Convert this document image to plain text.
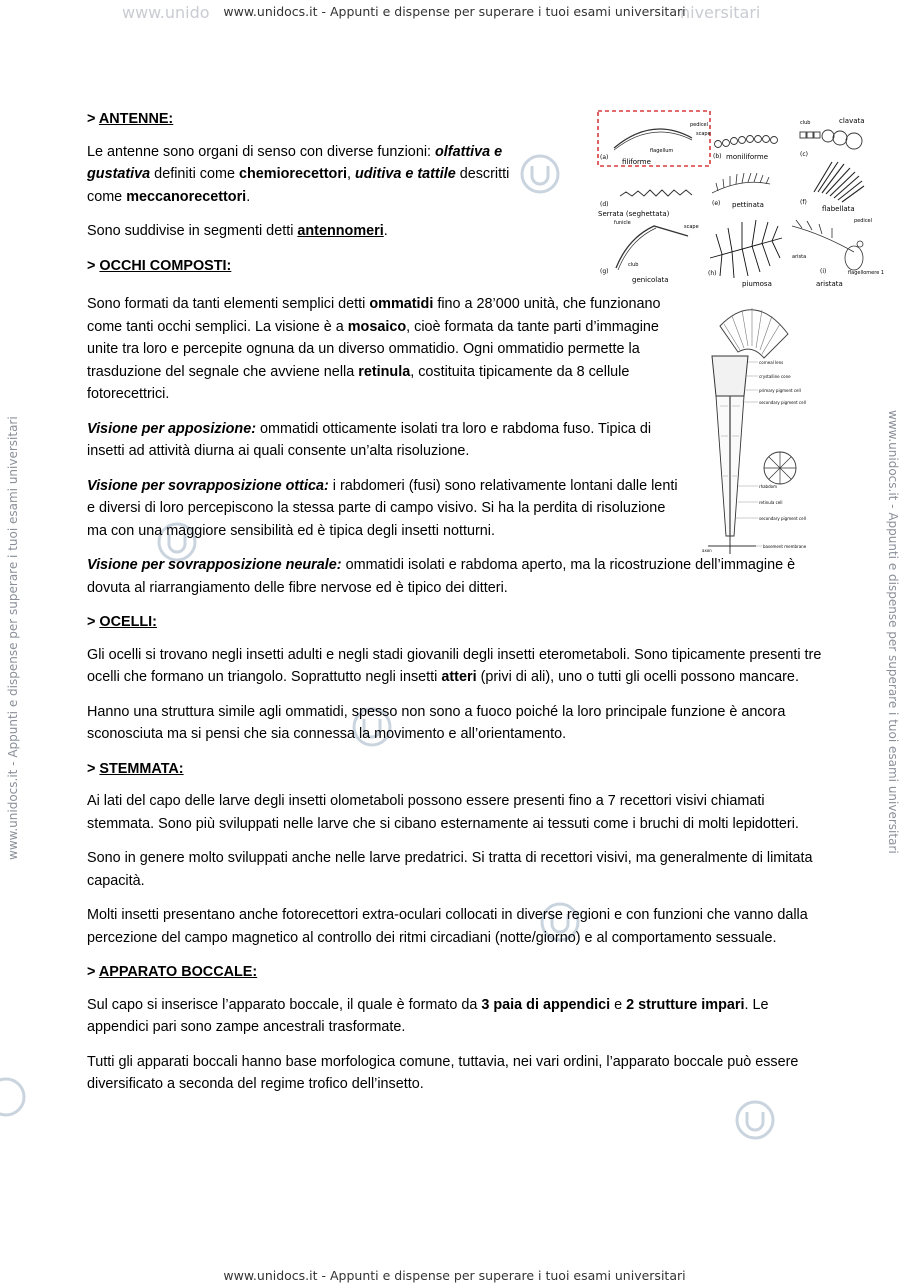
www.unido	niversitari
www.unidocs.it - Appunti e dispense per superare i tuoi esami universitari
www.unidocs.it - Appunti e dispense per superare i tuoi esami universitari
www.unidocs.it - Appunti e dispense per superare i tuoi esami universitari	www.unidocs.it - Appunti e dispense per superare i tuoi esami universitari
(a)
filiforme
flagellum
pedicel
scape
(b) moniliforme
club	clavata
(c)
(d)
Serrata (seghettata)
(e) pettinata	(f)
flabellata
funicle
scape
club
(g)
genicolata
(h)
piumosa
arista
pedicel
flagellomere 1
(i)
aristata
corneal lens
crystalline cone
primary pigment cell
secondary pigment cell
rhabdom
retinula cell
secondary pigment cell
basement membrane
axon

> ANTENNE:

Le antenne sono organi di senso con diverse funzioni: olfattiva e gustativa definiti come chemiorecettori, uditiva e tattile descritti come meccanorecettori.

Sono suddivise in segmenti detti antennomeri.

> OCCHI COMPOSTI:

Sono formati da tanti elementi semplici detti ommatidi fino a 28’000 unità, che funzionano come tanti occhi semplici. La visione è a mosaico, cioè formata da tante parti d’immagine unite tra loro e percepite ognuna da un diverso ommatidio. Ogni ommatidio permette la trasduzione del segnale che avviene nella retinula, costituita tipicamente da 8 cellule fotorecettrici.

Visione per apposizione: ommatidi otticamente isolati tra loro e rabdoma fuso. Tipica di insetti ad attività diurna ai quali consente un’alta risoluzione.

Visione per sovrapposizione ottica: i rabdomeri (fusi) sono relativamente lontani dalle lenti e diversi di loro percepiscono la stessa parte di campo visivo. Si ha la perdita di risoluzione ma con una maggiore sensibilità ed è tipica degli insetti notturni.

Visione per sovrapposizione neurale: ommatidi isolati e rabdoma aperto, ma la ricostruzione dell’immagine è dovuta al riarrangiamento delle fibre nervose ed è tipico dei ditteri.

> OCELLI:

Gli ocelli si trovano negli insetti adulti e negli stadi giovanili degli insetti eterometaboli. Sono tipicamente presenti tre ocelli che formano un triangolo. Soprattutto negli insetti atteri (privi di ali), uno o tutti gli ocelli possono mancare.

Hanno una struttura simile agli ommatidi, spesso non sono a fuoco poiché la loro principale funzione è ancora sconosciuta ma si pensi che sia connessa la movimento e all’orientamento.

> STEMMATA:

Ai lati del capo delle larve degli insetti olometaboli possono essere presenti fino a 7 recettori visivi chiamati stemmata. Sono più sviluppati nelle larve che si cibano esternamente ai tessuti come i bruchi di molti lepidotteri.

Sono in genere molto sviluppati anche nelle larve predatrici. Si tratta di recettori visivi, ma generalmente di limitata capacità.

Molti insetti presentano anche fotorecettori extra-oculari collocati in diverse regioni e con funzioni che vanno dalla percezione del campo magnetico al controllo dei ritmi circadiani (notte/giorno) e al comportamento sessuale.

> APPARATO BOCCALE:

Sul capo si inserisce l’apparato boccale, il quale è formato da 3 paia di appendici e 2 strutture impari. Le appendici pari sono zampe ancestrali trasformate.

Tutti gli apparati boccali hanno base morfologica comune, tuttavia, nei vari ordini, l’apparato boccale può essere diversificato a seconda del regime trofico dell’insetto.
